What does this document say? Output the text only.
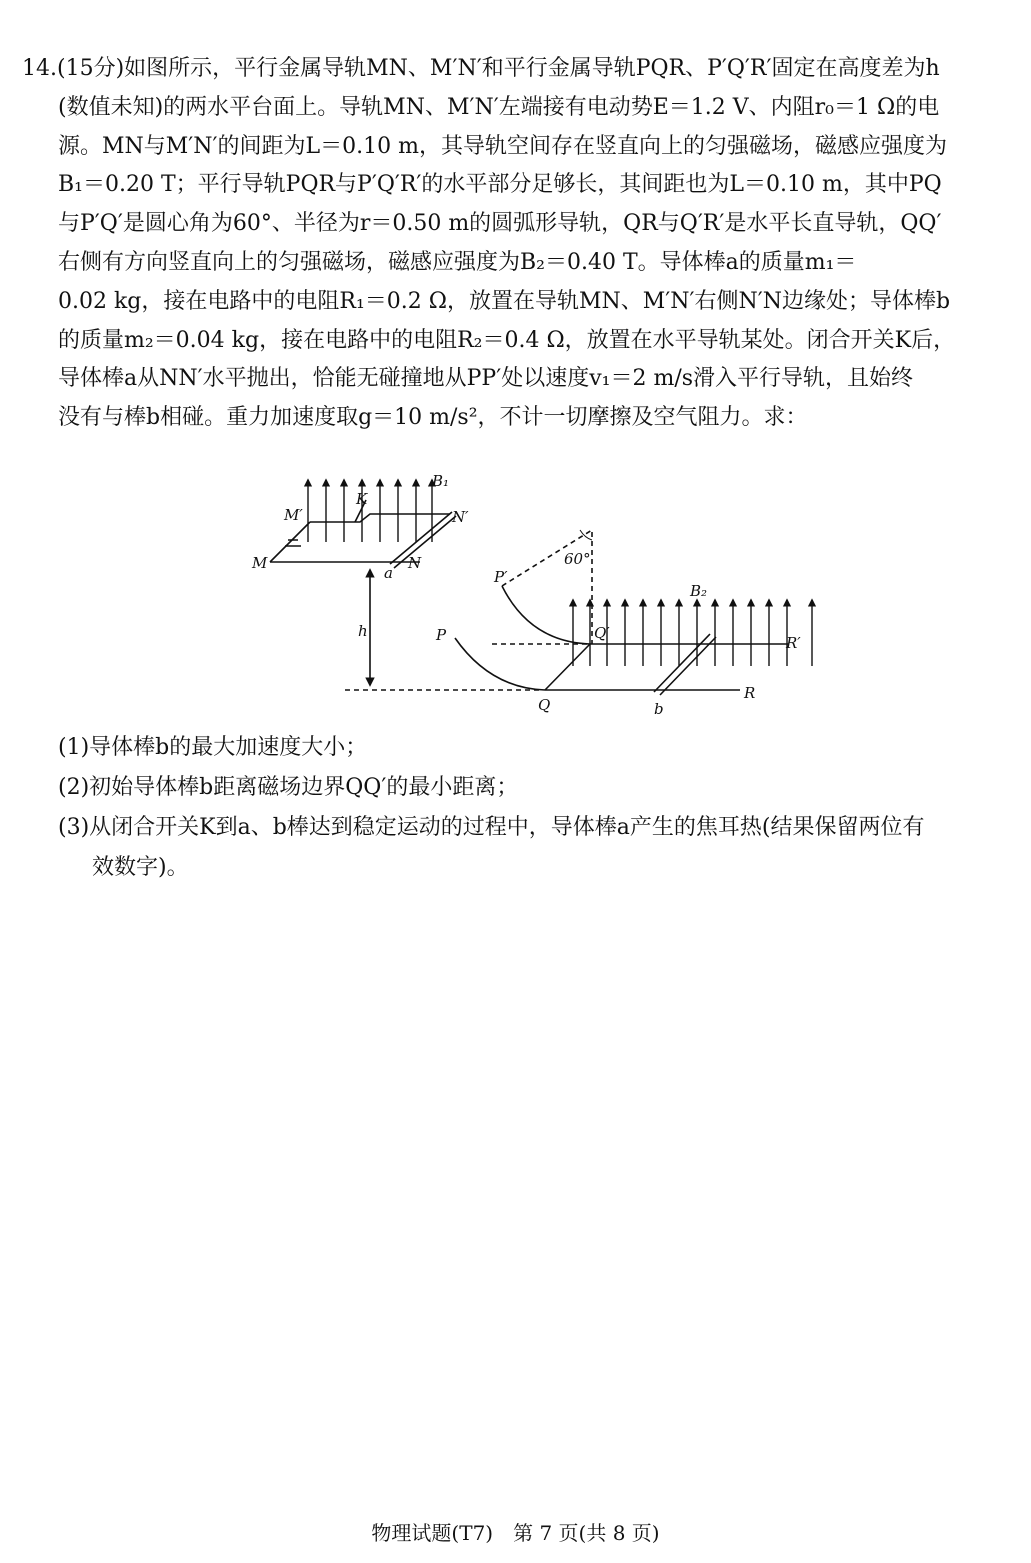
14.(15分)如图所示，平行金属导轨MN、M′N′和平行金属导轨PQR、P′Q′R′固定在高度差为h
(数值未知)的两水平台面上。导轨MN、M′N′左端接有电动势E＝1.2 V、内阻r₀＝1 Ω的电
源。MN与M′N′的间距为L＝0.10 m，其导轨空间存在竖直向上的匀强磁场，磁感应强度为
B₁＝0.20 T；平行导轨PQR与P′Q′R′的水平部分足够长，其间距也为L＝0.10 m，其中PQ
与P′Q′是圆心角为60°、半径为r＝0.50 m的圆弧形导轨，QR与Q′R′是水平长直导轨，QQ′
右侧有方向竖直向上的匀强磁场，磁感应强度为B₂＝0.40 T。导体棒a的质量m₁＝
0.02 kg，接在电路中的电阻R₁＝0.2 Ω，放置在导轨MN、M′N′右侧N′N边缘处；导体棒b
的质量m₂＝0.04 kg，接在电路中的电阻R₂＝0.4 Ω，放置在水平导轨某处。闭合开关K后，
导体棒a从NN′水平抛出，恰能无碰撞地从PP′处以速度v₁＝2 m/s滑入平行导轨，且始终
没有与棒b相碰。重力加速度取g＝10 m/s²，不计一切摩擦及空气阻力。求：
M
M′
K
B₁
N′
N
a
h
P′
60°
P	Q′
B₂
R′
Q	b
R
(1)导体棒b的最大加速度大小；
(2)初始导体棒b距离磁场边界QQ′的最小距离；
(3)从闭合开关K到a、b棒达到稳定运动的过程中，导体棒a产生的焦耳热(结果保留两位有
效数字)。
物理试题(T7)　第 7 页(共 8 页)
